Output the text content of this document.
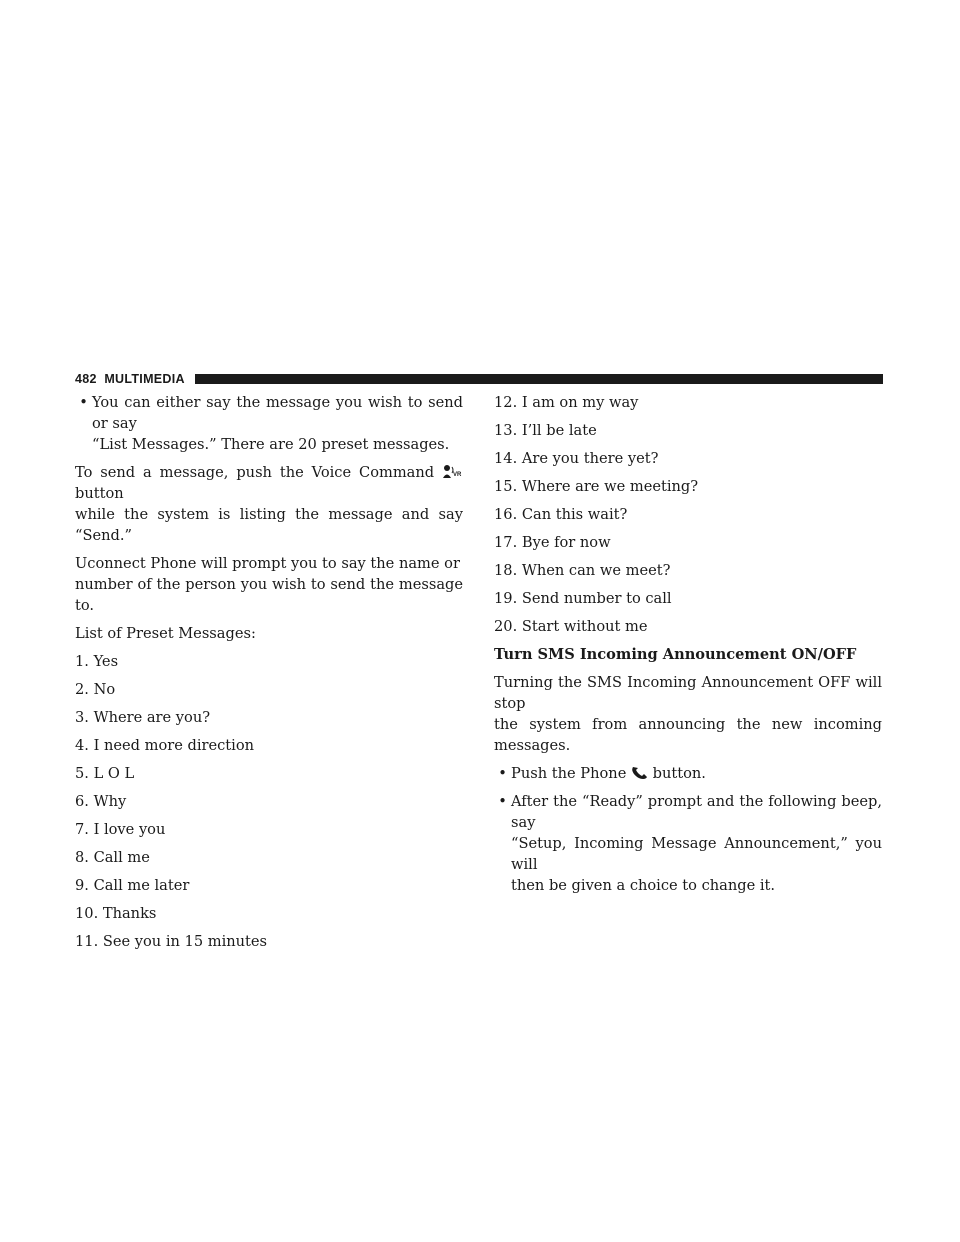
482 MULTIMEDIA
• You can either say the message you wish to send or say
“List Messages.” There are 20 preset messages.

To send a message, push the Voice Command	VR
button
while the system is listing the message and say “Send.”

Uconnect Phone will prompt you to say the name or
number of the person you wish to send the message to.

List of Preset Messages:
1. Yes
2. No
3. Where are you?
4. I need more direction
5. L O L
6. Why
7. I love you
8. Call me
9. Call me later
10. Thanks
11. See you in 15 minutes
12. I am on my way
13. I’ll be late
14. Are you there yet?
15. Where are we meeting?
16. Can this wait?
17. Bye for now
18. When can we meet?
19. Send number to call
20. Start without me
Turn SMS Incoming Announcement ON/OFF

Turning the SMS Incoming Announcement OFF will stop
the system from announcing the new incoming messages.

• Push the Phone button.
• After the “Ready” prompt and the following beep, say
“Setup, Incoming Message Announcement,” you will
then be given a choice to change it.
